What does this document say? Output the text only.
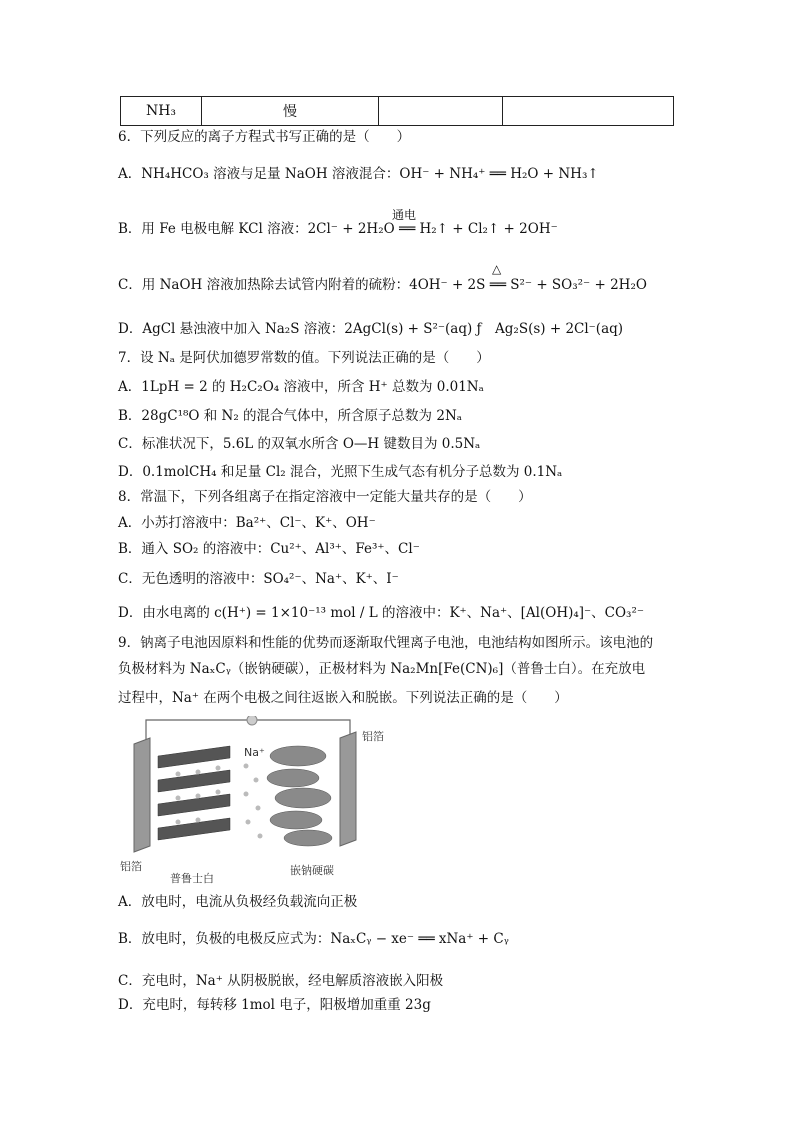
NH₃	慢		
6．下列反应的离子方程式书写正确的是（　　）
A．NH₄HCO₃ 溶液与足量 NaOH 溶液混合：OH⁻ + NH₄⁺ ══ H₂O + NH₃↑
B．用 Fe 电极电解 KCl 溶液：2Cl⁻ + 2H₂O ══ H₂↑ + Cl₂↑ + 2OH⁻
通电
C．用 NaOH 溶液加热除去试管内附着的硫粉：4OH⁻ + 2S ══ S²⁻ + SO₃²⁻ + 2H₂O
△
D．AgCl 悬浊液中加入 Na₂S 溶液：2AgCl(s) + S²⁻(aq) ƒ　Ag₂S(s) + 2Cl⁻(aq)
7．设 Nₐ 是阿伏加德罗常数的值。下列说法正确的是（　　）
A．1LpH = 2 的 H₂C₂O₄ 溶液中，所含 H⁺ 总数为 0.01Nₐ
B．28gC¹⁸O 和 N₂ 的混合气体中，所含原子总数为 2Nₐ
C．标准状况下，5.6L 的双氧水所含 O—H 键数目为 0.5Nₐ
D．0.1molCH₄ 和足量 Cl₂ 混合，光照下生成气态有机分子总数为 0.1Nₐ
8．常温下，下列各组离子在指定溶液中一定能大量共存的是（　　）
A．小苏打溶液中：Ba²⁺、Cl⁻、K⁺、OH⁻
B．通入 SO₂ 的溶液中：Cu²⁺、Al³⁺、Fe³⁺、Cl⁻
C．无色透明的溶液中：SO₄²⁻、Na⁺、K⁺、I⁻
D．由水电离的 c(H⁺) = 1×10⁻¹³ mol / L 的溶液中：K⁺、Na⁺、[Al(OH)₄]⁻、CO₃²⁻
9．钠离子电池因原料和性能的优势而逐渐取代锂离子电池，电池结构如图所示。该电池的
负极材料为 NaₓCᵧ（嵌钠硬碳），正极材料为 Na₂Mn[Fe(CN)₆]（普鲁士白）。在充放电
过程中，Na⁺ 在两个电极之间往返嵌入和脱嵌。下列说法正确的是（　　）
铝箔
铝箔
Na⁺
普鲁士白
嵌钠硬碳
A．放电时，电流从负极经负载流向正极
B．放电时，负极的电极反应式为：NaₓCᵧ − xe⁻ ══ xNa⁺ + Cᵧ
C．充电时，Na⁺ 从阴极脱嵌，经电解质溶液嵌入阳极
D．充电时，每转移 1mol 电子，阳极增加重重 23g
